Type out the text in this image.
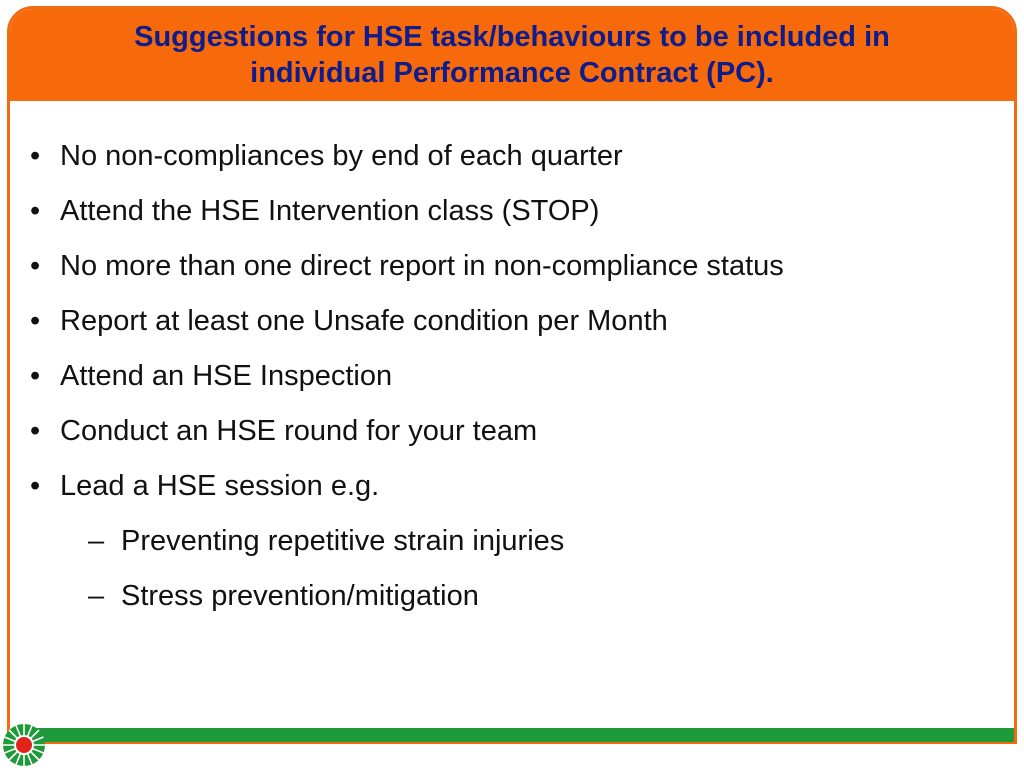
Suggestions for HSE task/behaviours to be included in
individual Performance Contract (PC).
• No non-compliances by end of each quarter
• Attend the HSE Intervention class (STOP)
• No more than one direct report in non-compliance status
• Report at least one Unsafe condition per Month
• Attend an HSE Inspection
• Conduct an HSE round for your team
• Lead a HSE session e.g.
– Preventing repetitive strain injuries
– Stress prevention/mitigation
